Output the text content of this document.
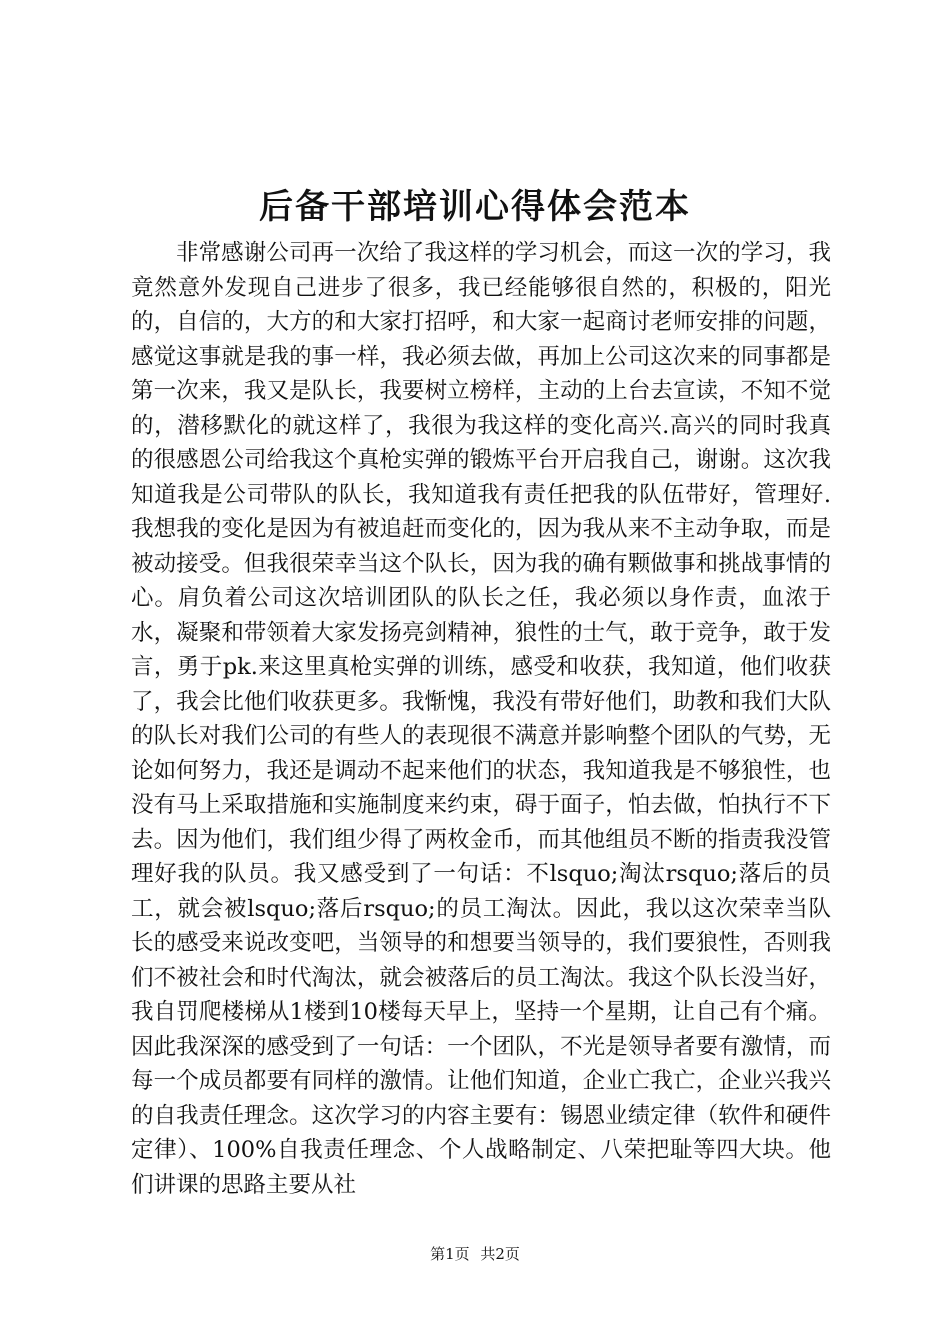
后备干部培训心得体会范本

非常感谢公司再一次给了我这样的学习机会，而这一次的学习，我竟然意外发现自己进步了很多，我已经能够很自然的，积极的，阳光的，自信的，大方的和大家打招呼，和大家一起商讨老师安排的问题，感觉这事就是我的事一样，我必须去做，再加上公司这次来的同事都是第一次来，我又是队长，我要树立榜样，主动的上台去宣读，不知不觉的，潜移默化的就这样了，我很为我这样的变化高兴.高兴的同时我真的很感恩公司给我这个真枪实弹的锻炼平台开启我自己，谢谢。这次我知道我是公司带队的队长，我知道我有责任把我的队伍带好，管理好.我想我的变化是因为有被追赶而变化的，因为我从来不主动争取，而是被动接受。但我很荣幸当这个队长，因为我的确有颗做事和挑战事情的心。肩负着公司这次培训团队的队长之任，我必须以身作责，血浓于水，凝聚和带领着大家发扬亮剑精神，狼性的士气，敢于竞争，敢于发言，勇于pk.来这里真枪实弹的训练，感受和收获，我知道，他们收获了，我会比他们收获更多。我惭愧，我没有带好他们，助教和我们大队的队长对我们公司的有些人的表现很不满意并影响整个团队的气势，无论如何努力，我还是调动不起来他们的状态，我知道我是不够狼性，也没有马上采取措施和实施制度来约束，碍于面子，怕去做，怕执行不下去。因为他们，我们组少得了两枚金币，而其他组员不断的指责我没管理好我的队员。我又感受到了一句话：不lsquo;淘汰rsquo;落后的员工，就会被lsquo;落后rsquo;的员工淘汰。因此，我以这次荣幸当队长的感受来说改变吧，当领导的和想要当领导的，我们要狼性，否则我们不被社会和时代淘汰，就会被落后的员工淘汰。我这个队长没当好，我自罚爬楼梯从1楼到10楼每天早上，坚持一个星期，让自己有个痛。因此我深深的感受到了一句话：一个团队，不光是领导者要有激情，而每一个成员都要有同样的激情。让他们知道，企业亡我亡，企业兴我兴的自我责任理念。这次学习的内容主要有：锡恩业绩定律（软件和硬件定律）、100%自我责任理念、个人战略制定、八荣把耻等四大块。他们讲课的思路主要从社

第1页 共2页
